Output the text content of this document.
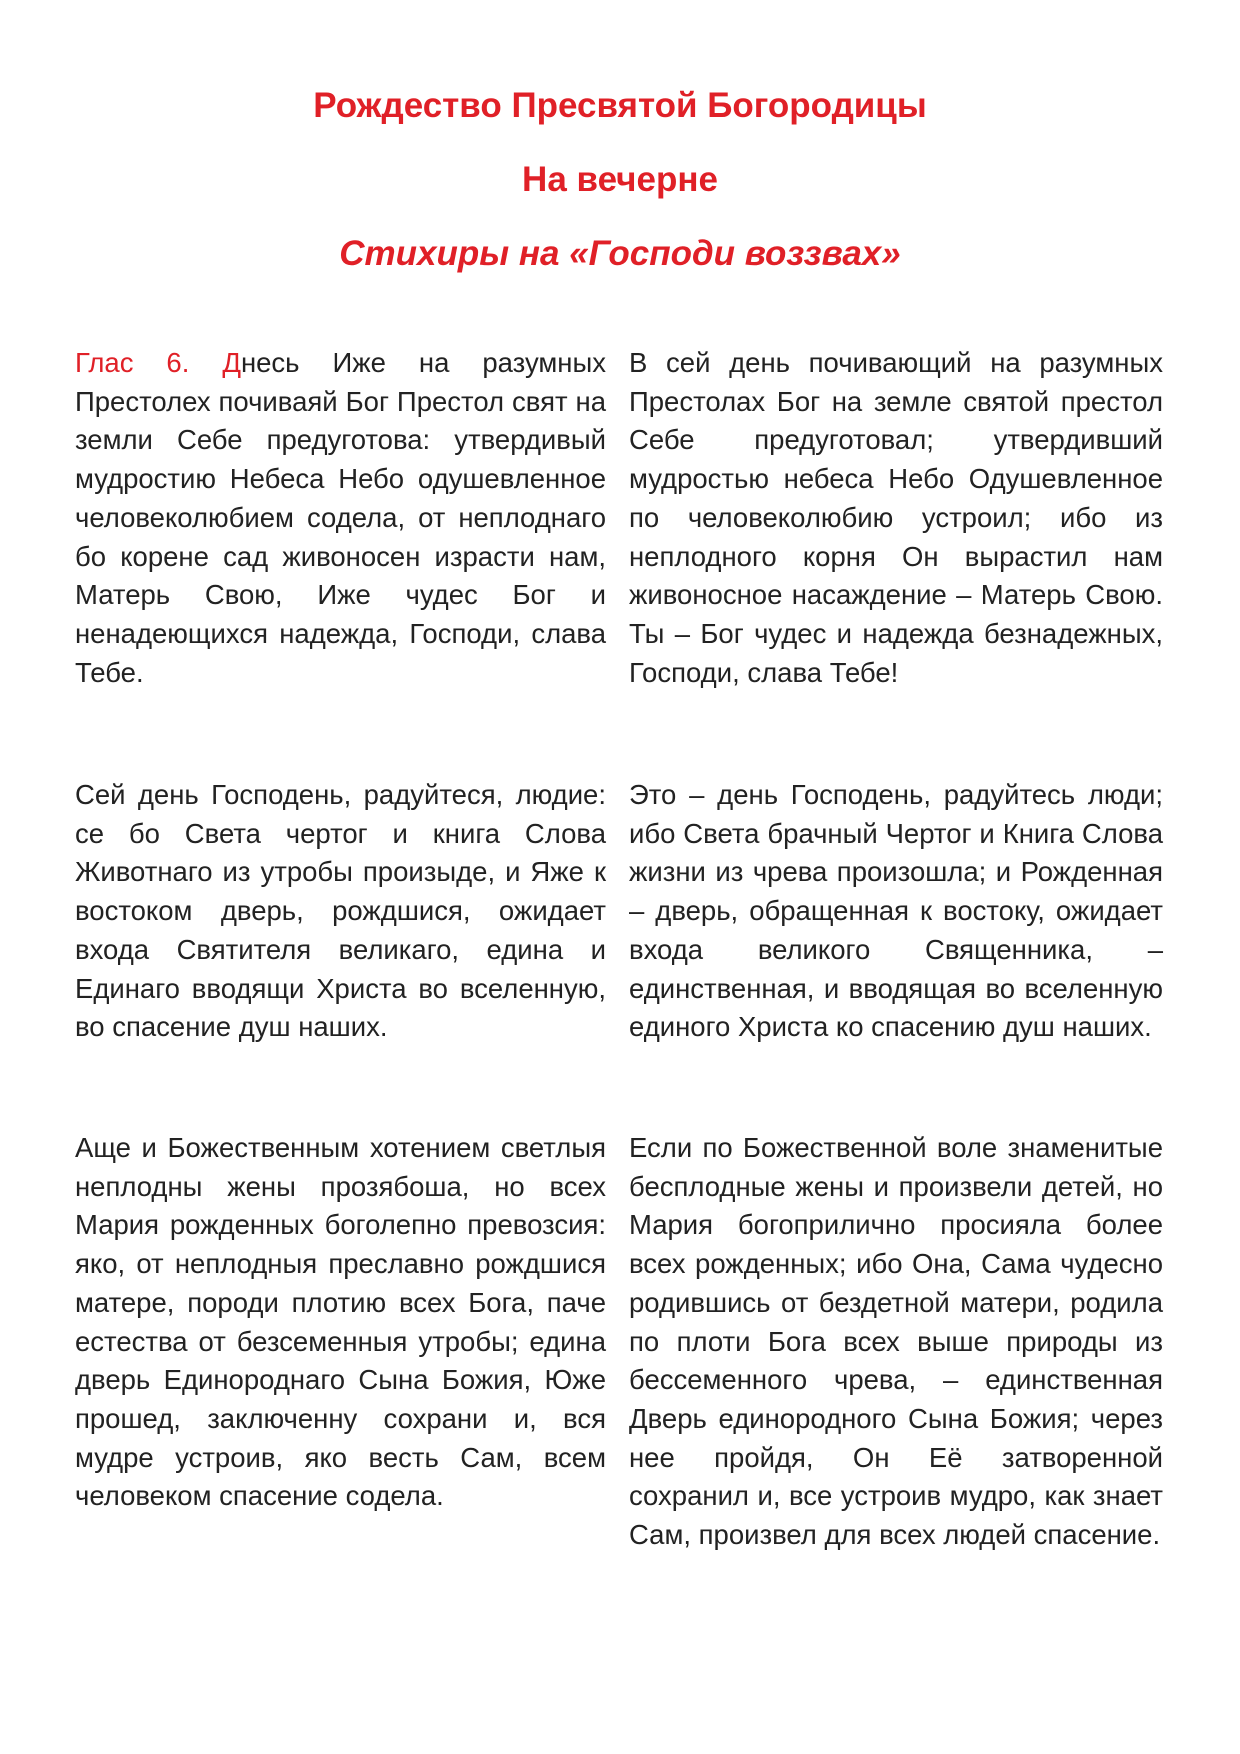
Рождество Пресвятой Богородицы
На вечерне
Стихиры на «Господи воззвах»

Глас 6. Днесь Иже на разумных Престолех почиваяй Бог Престол свят на земли Себе предуготова: утвердивый мудростию Небеса Небо одушевленное человеколюбием содела, от неплоднаго бо корене сад живоносен израсти нам, Матерь Свою, Иже чудес Бог и ненадеющихся надежда, Господи, слава Тебе.

В сей день почивающий на разумных Престолах Бог на земле святой престол Себе предуготовал; утвердивший мудростью небеса Небо Одушевленное по человеколюбию устроил; ибо из неплодного корня Он вырастил нам живоносное насаждение – Матерь Свою. Ты – Бог чудес и надежда безнадежных, Господи, слава Тебе!

Сей день Господень, радуйтеся, людие: се бо Света чертог и книга Слова Животнаго из утробы произыде, и Яже к востоком дверь, рождшися, ожидает входа Святителя великаго, едина и Единаго вводящи Христа во вселенную, во спасение душ наших.

Это – день Господень, радуйтесь люди; ибо Света брачный Чертог и Книга Слова жизни из чрева произошла; и Рожденная – дверь, обращенная к востоку, ожидает входа великого Священника, – единственная, и вводящая во вселенную единого Христа ко спасению душ наших.

Аще и Божественным хотением светлыя неплодны жены прозябоша, но всех Мария рожденных боголепно превозсия: яко, от неплодныя преславно рождшися матере, породи плотию всех Бога, паче естества от безсеменныя утробы; едина дверь Единороднаго Сына Божия, Юже прошед, заключенну сохрани и, вся мудре устроив, яко весть Сам, всем человеком спасение содела.

Если по Божественной воле знаменитые бесплодные жены и произвели детей, но Мария богоприлично просияла более всех рожденных; ибо Она, Сама чудесно родившись от бездетной матери, родила по плоти Бога всех выше природы из бессеменного чрева, – единственная Дверь единородного Сына Божия; через нее пройдя, Он Её затворенной сохранил и, все устроив мудро, как знает Сам, произвел для всех людей спасение.
